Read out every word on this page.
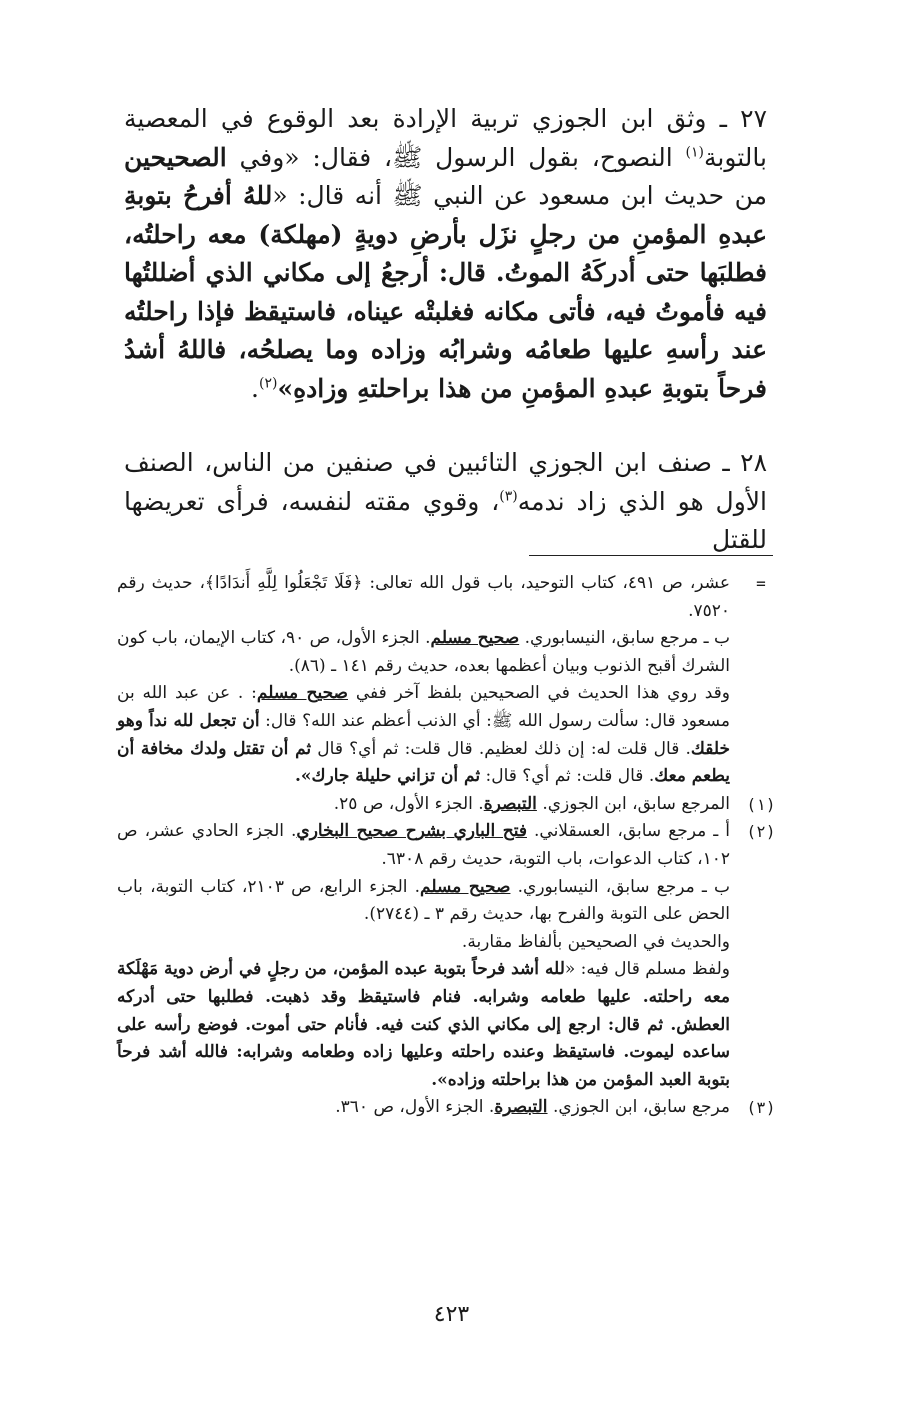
٢٧ ـ وثق ابن الجوزي تربية الإرادة بعد الوقوع في المعصية بالتوبة$^{(١)}$ النصوح، بقول الرسول ﷺ، فقال: «وفي الصحيحين من حديث ابن مسعود عن النبي ﷺ أنه قال: «للهُ أفرحُ بتوبةِ عبدهِ المؤمنِ من رجلٍ نزَل بأرضِ دويةٍ (مهلكة) معه راحلتُه، فطلبَها حتى أدركَهُ الموتُ. قال: أرجعُ إلى مكاني الذي أضللتُها فيه فأموتُ فيه، فأتى مكانه فغلبتْه عيناه، فاستيقظ فإذا راحلتُه عند رأسهِ عليها طعامُه وشرابُه وزاده وما يصلحُه، فاللهُ أشدُ فرحاً بتوبةِ عبدهِ المؤمنِ من هذا براحلتهِ وزادهِ»$^{(٢)}$.

٢٨ ـ صنف ابن الجوزي التائبين في صنفين من الناس، الصنف الأول هو الذي زاد ندمه$^{(٣)}$، وقوي مقته لنفسه، فرأى تعريضها للقتل

=
عشر، ص ٤٩١، كتاب التوحيد، باب قول الله تعالى: ﴿فَلَا تَجْعَلُوا لِلَّهِ أَندَادًا﴾، حديث رقم ٧٥٢٠.

ب ـ مرجع سابق، النيسابوري. صحيح مسلم. الجزء الأول، ص ٩٠، كتاب الإيمان، باب كون الشرك أقبح الذنوب وبيان أعظمها بعده، حديث رقم ١٤١ ـ (٨٦).

وقد روي هذا الحديث في الصحيحين بلفظ آخر ففي صحيح مسلم: . عن عبد الله بن مسعود قال: سألت رسول الله ﷺ: أي الذنب أعظم عند الله؟ قال: أن تجعل لله نداً وهو خلقك. قال قلت له: إن ذلك لعظيم. قال قلت: ثم أي؟ قال ثم أن تقتل ولدك مخافة أن يطعم معك. قال قلت: ثم أي؟ قال: ثم أن تزاني حليلة جارك».

(١)
المرجع سابق، ابن الجوزي. التبصرة. الجزء الأول، ص ٢٥.

(٢)
أ ـ مرجع سابق، العسقلاني. فتح الباري بشرح صحيح البخاري. الجزء الحادي عشر، ص ١٠٢، كتاب الدعوات، باب التوبة، حديث رقم ٦٣٠٨.

ب ـ مرجع سابق، النيسابوري. صحيح مسلم. الجزء الرابع، ص ٢١٠٣، كتاب التوبة، باب الحض على التوبة والفرح بها، حديث رقم ٣ ـ (٢٧٤٤).

والحديث في الصحيحين بألفاظ مقاربة.

ولفظ مسلم قال فيه: «لله أشد فرحاً بتوبة عبده المؤمن، من رجلٍ في أرض دوية مَهْلَكة معه راحلته. عليها طعامه وشرابه. فنام فاستيقظ وقد ذهبت. فطلبها حتى أدركه العطش. ثم قال: ارجع إلى مكاني الذي كنت فيه. فأنام حتى أموت. فوضع رأسه على ساعده ليموت. فاستيقظ وعنده راحلته وعليها زاده وطعامه وشرابه: فالله أشد فرحاً بتوبة العبد المؤمن من هذا براحلته وزاده».

(٣)
مرجع سابق، ابن الجوزي. التبصرة. الجزء الأول، ص ٣٦٠.

٤٢٣
